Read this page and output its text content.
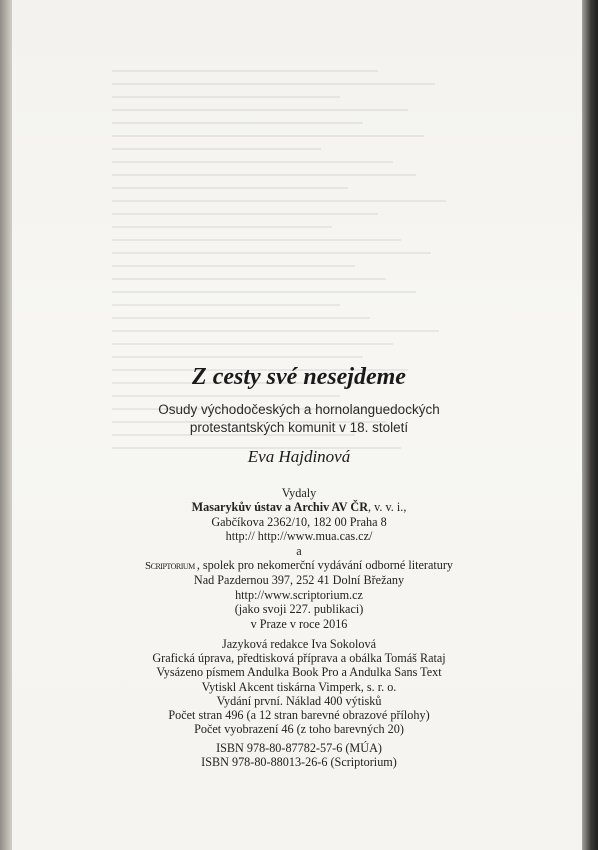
Z cesty své nesejdeme
Osudy východočeských a hornolanguedockých
protestantských komunit v 18. století
Eva Hajdinová
Vydaly
Masarykův ústav a Archiv AV ČR, v. v. i.,
Gabčíkova 2362/10, 182 00 Praha 8
http:// http://www.mua.cas.cz/
a
Scriptorium , spolek pro nekomerční vydávání odborné literatury
Nad Pazdernou 397, 252 41 Dolní Břežany
http://www.scriptorium.cz
(jako svoji 227. publikaci)
v Praze v roce 2016
Jazyková redakce Iva Sokolová
Grafická úprava, předtisková příprava a obálka Tomáš Rataj
Vysázeno písmem Andulka Book Pro a Andulka Sans Text
Vytiskl Akcent tiskárna Vimperk, s. r. o.
Vydání první. Náklad 400 výtisků
Počet stran 496 (a 12 stran barevné obrazové přílohy)
Počet vyobrazení 46 (z toho barevných 20)
ISBN 978-80-87782-57-6 (MÚA)
ISBN 978-80-88013-26-6 (Scriptorium)
